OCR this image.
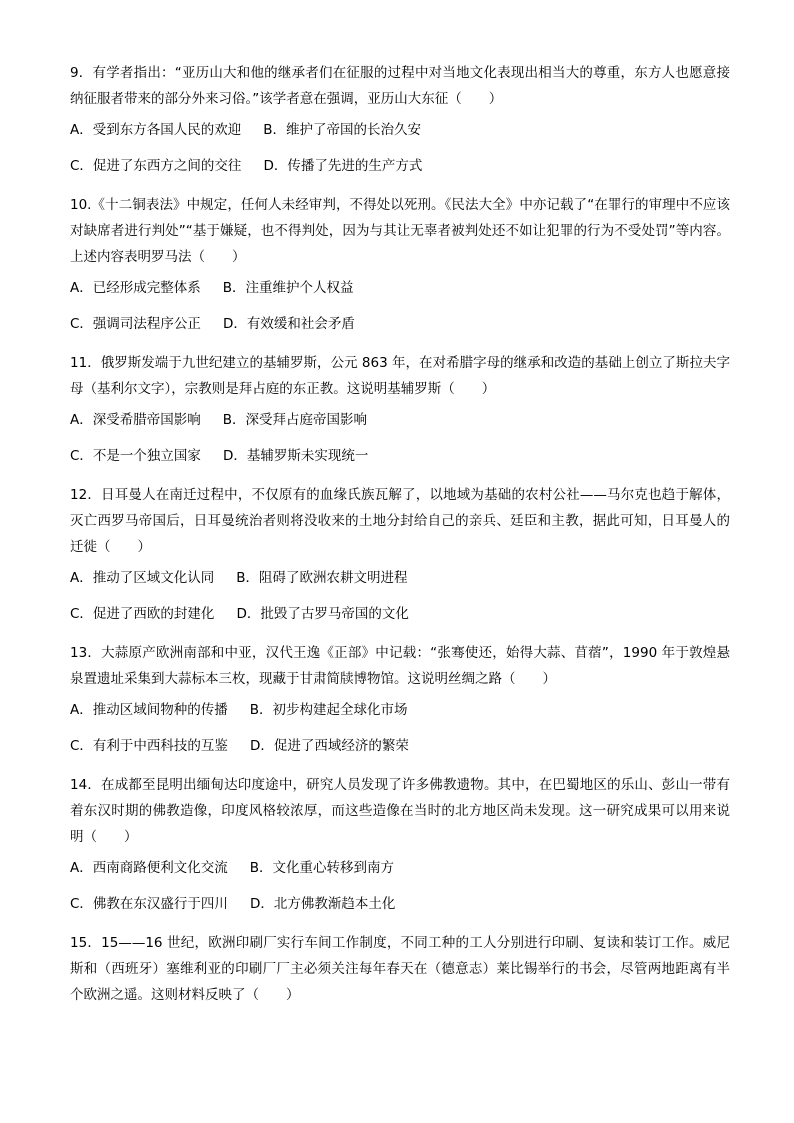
9．有学者指出：“亚历山大和他的继承者们在征服的过程中对当地文化表现出相当大的尊重，东方人也愿意接纳征服者带来的部分外来习俗。”该学者意在强调，亚历山大东征（　　）

A．受到东方各国人民的欢迎 B．维护了帝国的长治久安
C．促进了东西方之间的交往 D．传播了先进的生产方式

10.《十二铜表法》中规定，任何人未经审判，不得处以死刑。《民法大全》中亦记载了“在罪行的审理中不应该对缺席者进行判处”“基于嫌疑，也不得判处，因为与其让无辜者被判处还不如让犯罪的行为不受处罚”等内容。上述内容表明罗马法（　　）

A．已经形成完整体系 B．注重维护个人权益
C．强调司法程序公正 D．有效缓和社会矛盾

11．俄罗斯发端于九世纪建立的基辅罗斯，公元 863 年，在对希腊字母的继承和改造的基础上创立了斯拉夫字母（基利尔文字），宗教则是拜占庭的东正教。这说明基辅罗斯（　　）

A．深受希腊帝国影响 B．深受拜占庭帝国影响
C．不是一个独立国家 D．基辅罗斯未实现统一

12．日耳曼人在南迁过程中，不仅原有的血缘氏族瓦解了，以地域为基础的农村公社——马尔克也趋于解体，灭亡西罗马帝国后，日耳曼统治者则将没收来的土地分封给自己的亲兵、廷臣和主教，据此可知，日耳曼人的迁徙（　　）

A．推动了区域文化认同 B．阻碍了欧洲农耕文明进程
C．促进了西欧的封建化 D．批毁了古罗马帝国的文化

13．大蒜原产欧洲南部和中亚，汉代王逸《正部》中记载：“张骞使还，始得大蒜、苜蓿”，1990 年于敦煌悬泉置遗址采集到大蒜标本三枚，现藏于甘肃简牍博物馆。这说明丝绸之路（　　）

A．推动区域间物种的传播 B．初步构建起全球化市场
C．有利于中西科技的互鉴 D．促进了西域经济的繁荣

14．在成都至昆明出缅甸达印度途中，研究人员发现了许多佛教遗物。其中，在巴蜀地区的乐山、彭山一带有着东汉时期的佛教造像，印度风格较浓厚，而这些造像在当时的北方地区尚未发现。这一研究成果可以用来说明（　　）

A．西南商路便利文化交流 B．文化重心转移到南方
C．佛教在东汉盛行于四川 D．北方佛教渐趋本土化

15．15——16 世纪，欧洲印刷厂实行车间工作制度，不同工种的工人分别进行印刷、复读和装订工作。威尼斯和（西班牙）塞维利亚的印刷厂厂主必须关注每年春天在（德意志）莱比锡举行的书会，尽管两地距离有半个欧洲之遥。这则材料反映了（　　）
